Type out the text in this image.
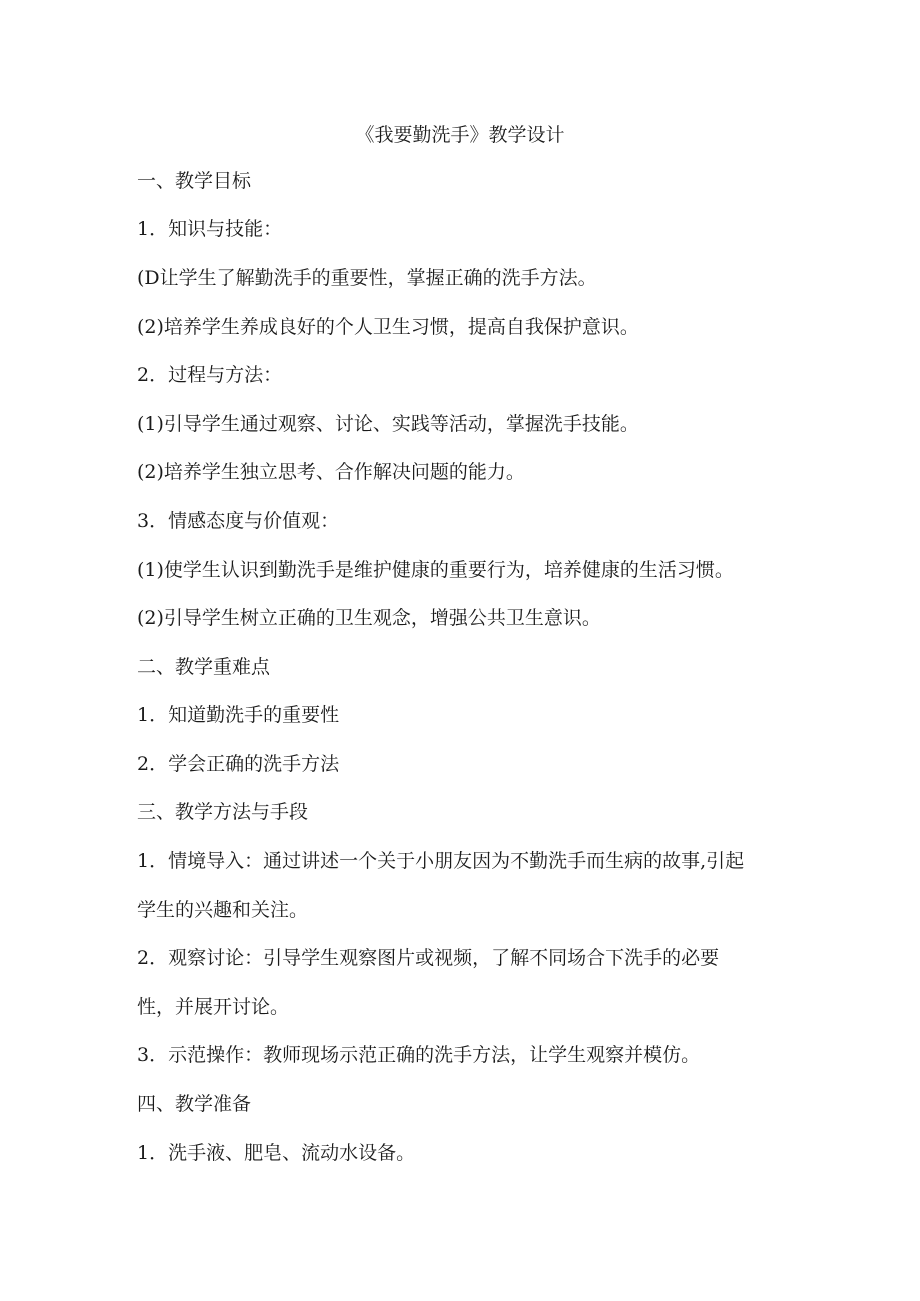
《我要勤洗手》教学设计

一、教学目标

1．知识与技能：

(D让学生了解勤洗手的重要性，掌握正确的洗手方法。

(2)培养学生养成良好的个人卫生习惯，提高自我保护意识。

2．过程与方法：

(1)引导学生通过观察、讨论、实践等活动，掌握洗手技能。

(2)培养学生独立思考、合作解决问题的能力。

3．情感态度与价值观：

(1)使学生认识到勤洗手是维护健康的重要行为，培养健康的生活习惯。

(2)引导学生树立正确的卫生观念，增强公共卫生意识。

二、教学重难点

1．知道勤洗手的重要性

2．学会正确的洗手方法

三、教学方法与手段

1．情境导入：通过讲述一个关于小朋友因为不勤洗手而生病的故事,引起

学生的兴趣和关注。

2．观察讨论：引导学生观察图片或视频，了解不同场合下洗手的必要

性，并展开讨论。

3．示范操作：教师现场示范正确的洗手方法，让学生观察并模仿。

四、教学准备

1．洗手液、肥皂、流动水设备。
